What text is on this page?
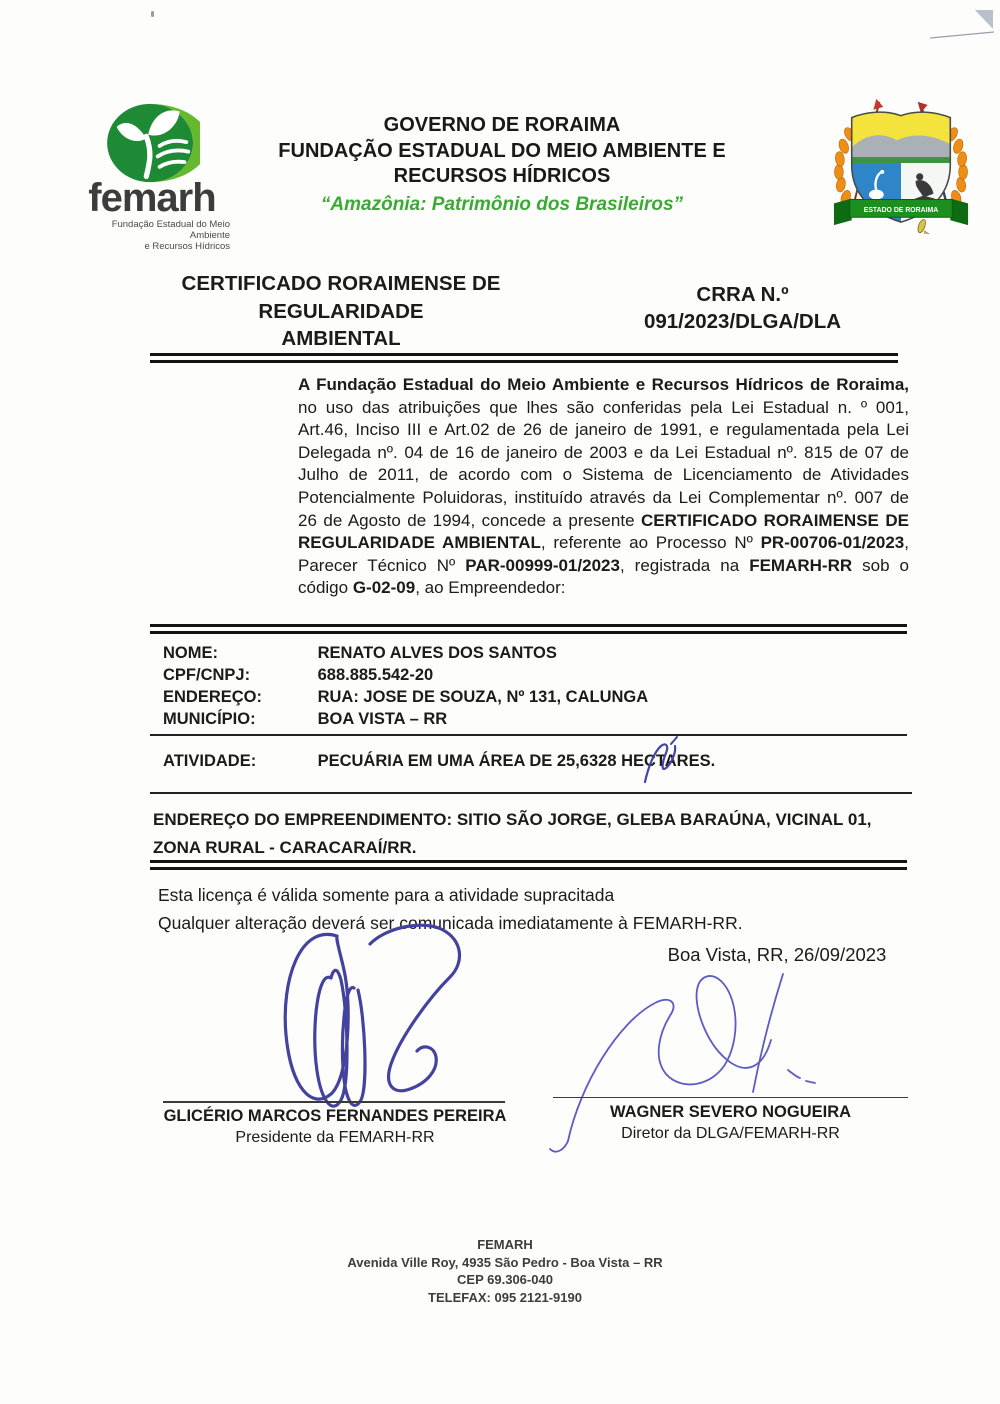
femarh
Fundação Estadual do Meio Ambiente
e Recursos Hídricos
GOVERNO DE RORAIMA
FUNDAÇÃO ESTADUAL DO MEIO AMBIENTE E
RECURSOS HÍDRICOS
“Amazônia: Patrimônio dos Brasileiros”	ESTADO DE RORAIMA
CERTIFICADO RORAIMENSE DE
REGULARIDADE
AMBIENTAL
CRRA N.º
091/2023/DLGA/DLA

A Fundação Estadual do Meio Ambiente e Recursos Hídricos de Roraima, no uso das atribuições que lhes são conferidas pela Lei Estadual n. º 001, Art.46, Inciso III e Art.02 de 26 de janeiro de 1991, e regulamentada pela Lei Delegada nº. 04 de 16 de janeiro de 2003 e da Lei Estadual nº. 815 de 07 de Julho de 2011, de acordo com o Sistema de Licenciamento de Atividades Potencialmente Poluidoras, instituído através da Lei Complementar nº. 007 de 26 de Agosto de 1994, concede a presente CERTIFICADO RORAIMENSE DE REGULARIDADE AMBIENTAL, referente ao Processo Nº PR-00706-01/2023, Parecer Técnico Nº PAR-00999-01/2023, registrada na FEMARH-RR sob o código G-02-09, ao Empreendedor:

NOME:	RENATO ALVES DOS SANTOS
CPF/CNPJ:	688.885.542-20
ENDEREÇO:	RUA: JOSE DE SOUZA, Nº 131, CALUNGA
MUNICÍPIO:	BOA VISTA – RR
ATIVIDADE:	PECUÁRIA EM UMA ÁREA DE 25,6328 HECTARES.

ENDEREÇO DO EMPREENDIMENTO: SITIO SÃO JORGE, GLEBA BARAÚNA, VICINAL 01, ZONA RURAL - CARACARAÍ/RR.

Esta licença é válida somente para a atividade supracitada
Qualquer alteração deverá ser comunicada imediatamente à FEMARH-RR.
Boa Vista, RR, 26/09/2023
GLICÉRIO MARCOS FERNANDES PEREIRA
Presidente da FEMARH-RR
WAGNER SEVERO NOGUEIRA
Diretor da DLGA/FEMARH-RR
FEMARH
Avenida Ville Roy, 4935 São Pedro - Boa Vista – RR
CEP 69.306-040
TELEFAX: 095 2121-9190
